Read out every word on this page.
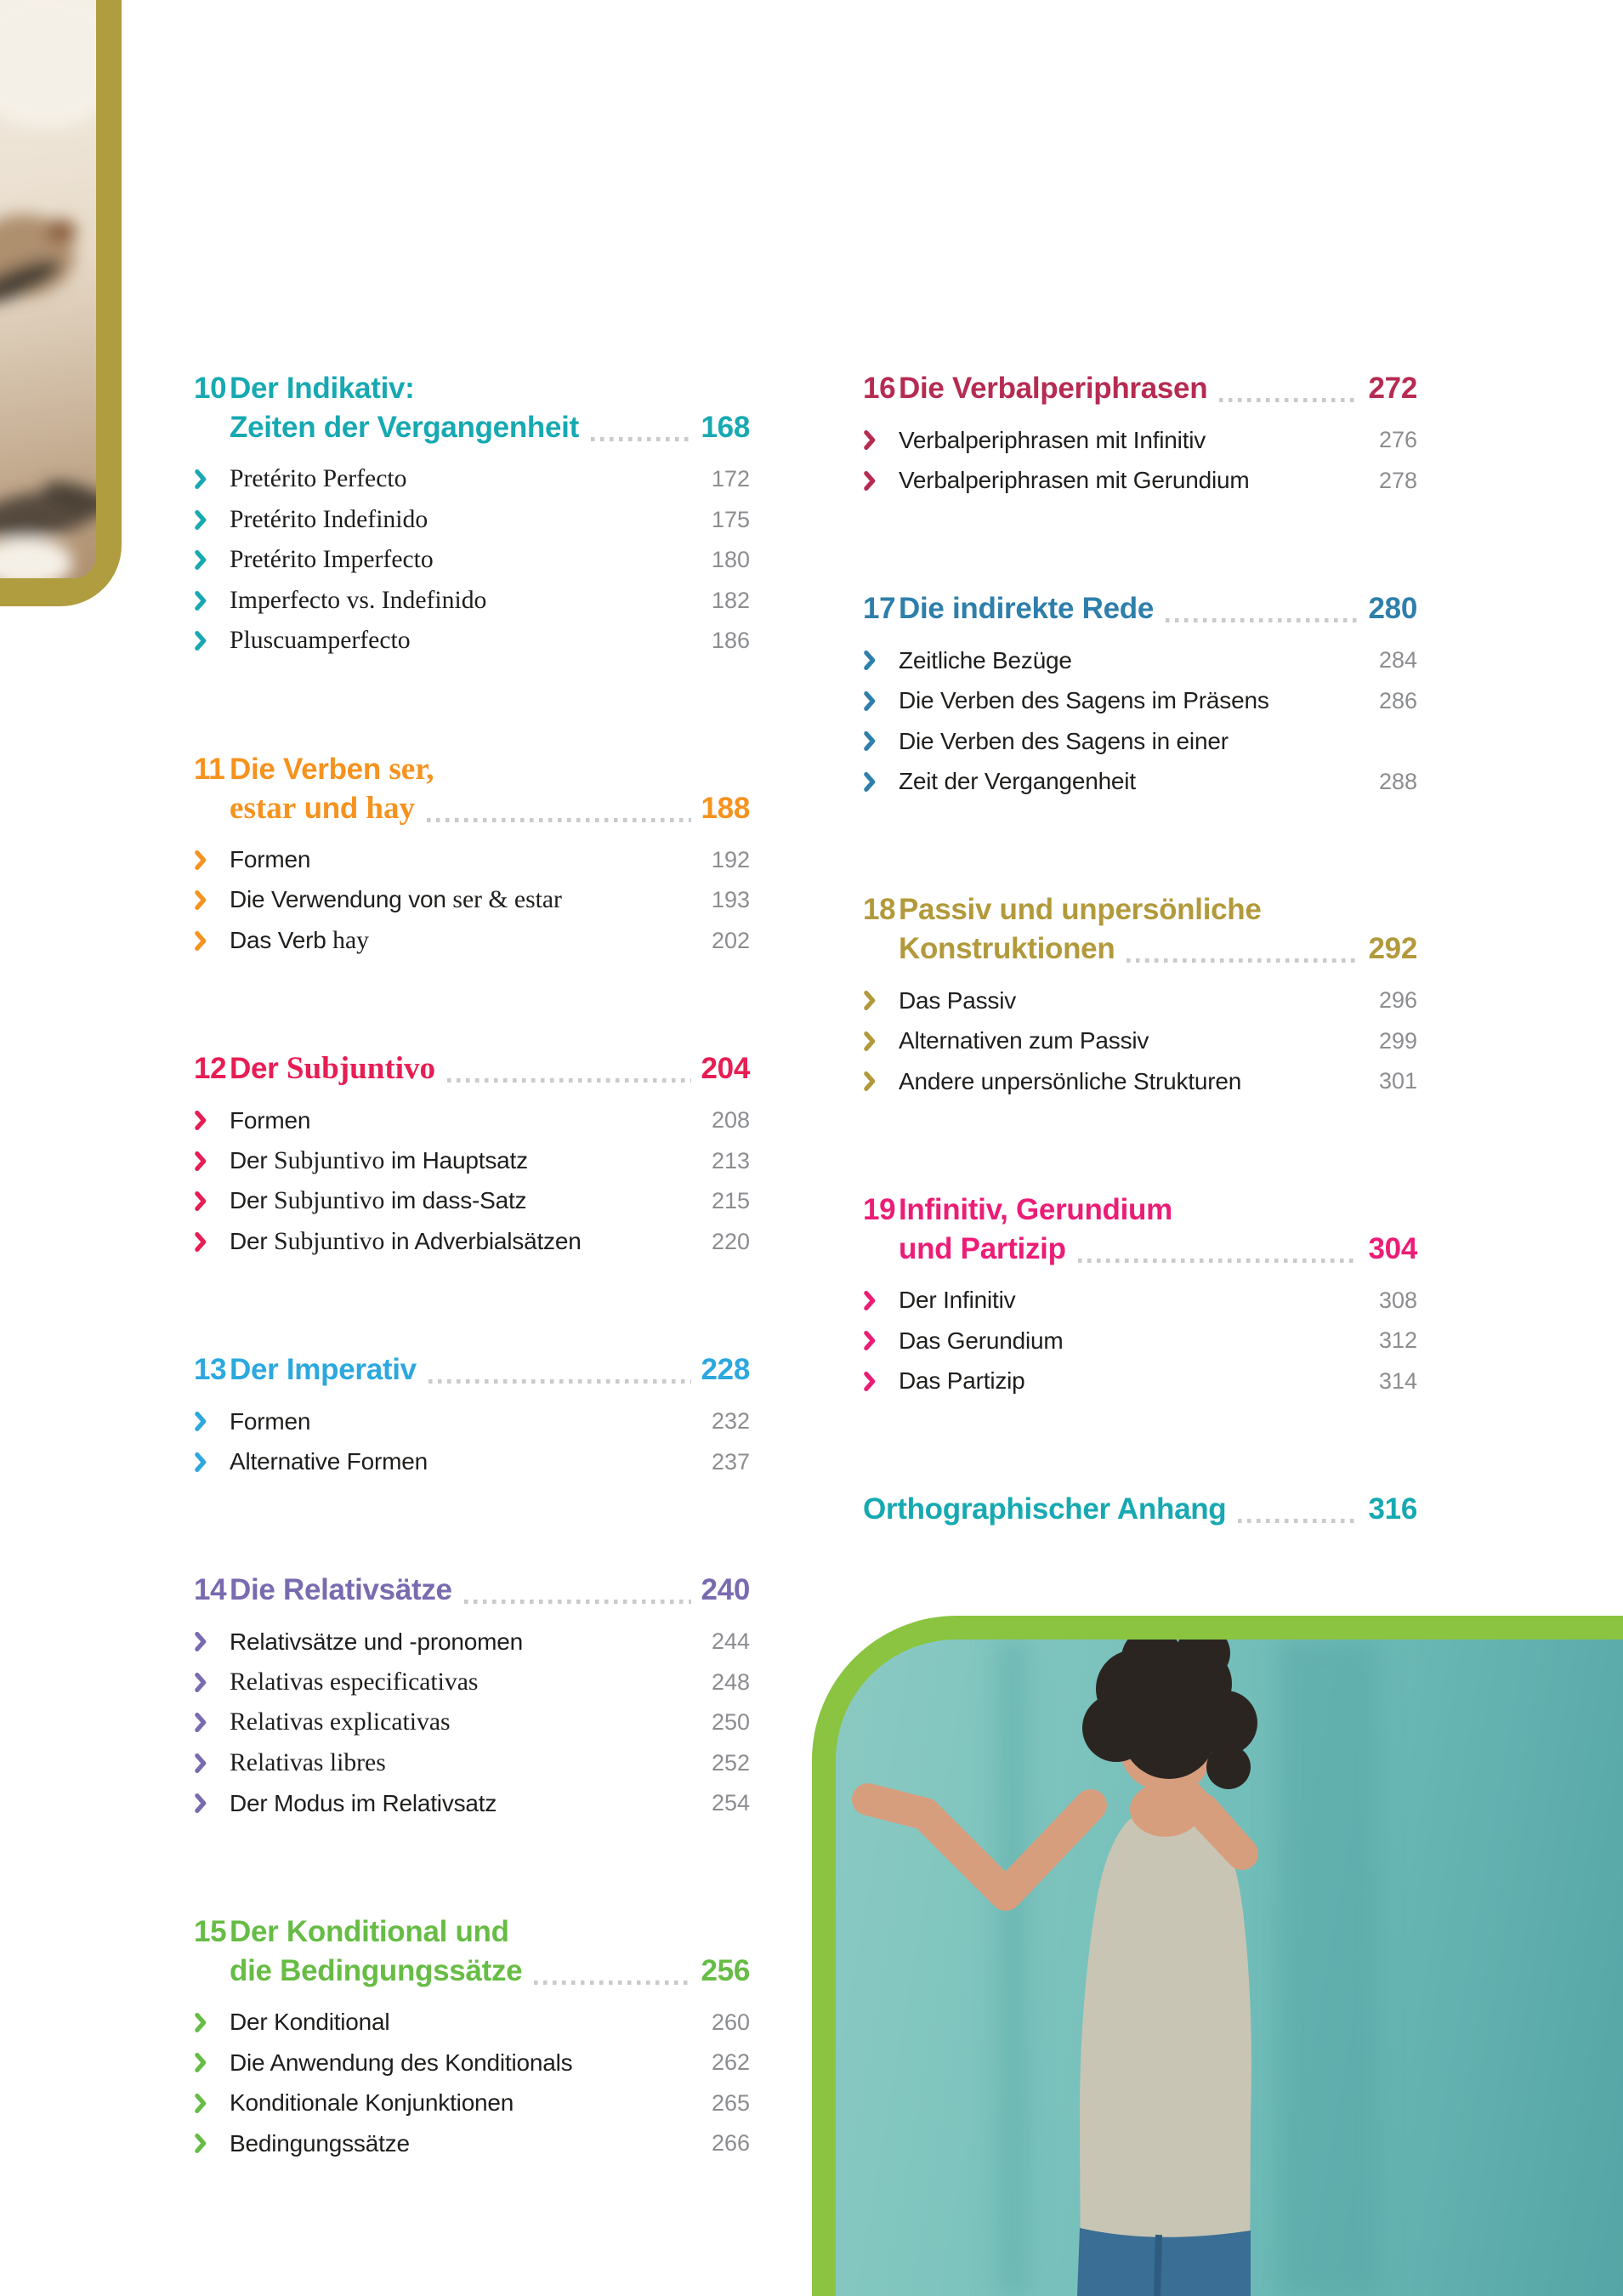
10 Der Indikativ:
Zeiten der Vergangenheit	168
Pretérito Perfecto	172
Pretérito Indefinido	175
Pretérito Imperfecto	180
Imperfecto vs. Indefinido	182
Pluscuamperfecto	186
11 Die Verben ser,
estar und hay	188
Formen	192
Die Verwendung von ser & estar	193
Das Verb hay	202
12 Der Subjuntivo	204
Formen	208
Der Subjuntivo im Hauptsatz	213
Der Subjuntivo im dass-Satz	215
Der Subjuntivo in Adverbialsätzen	220
13 Der Imperativ	228
Formen	232
Alternative Formen	237
14 Die Relativsätze	240
Relativsätze und -pronomen	244
Relativas especificativas	248
Relativas explicativas	250
Relativas libres	252
Der Modus im Relativsatz	254
15 Der Konditional und
die Bedingungssätze	256
Der Konditional	260
Die Anwendung des Konditionals	262
Konditionale Konjunktionen	265
Bedingungssätze	266
16 Die Verbalperiphrasen	272
Verbalperiphrasen mit Infinitiv	276
Verbalperiphrasen mit Gerundium	278
17 Die indirekte Rede	280
Zeitliche Bezüge	284
Die Verben des Sagens im Präsens	286
Die Verben des Sagens in einer
Zeit der Vergangenheit	288
18 Passiv und unpersönliche
Konstruktionen	292
Das Passiv	296
Alternativen zum Passiv	299
Andere unpersönliche Strukturen	301
19 Infinitiv, Gerundium
und Partizip	304
Der Infinitiv	308
Das Gerundium	312
Das Partizip	314
Orthographischer Anhang	316
